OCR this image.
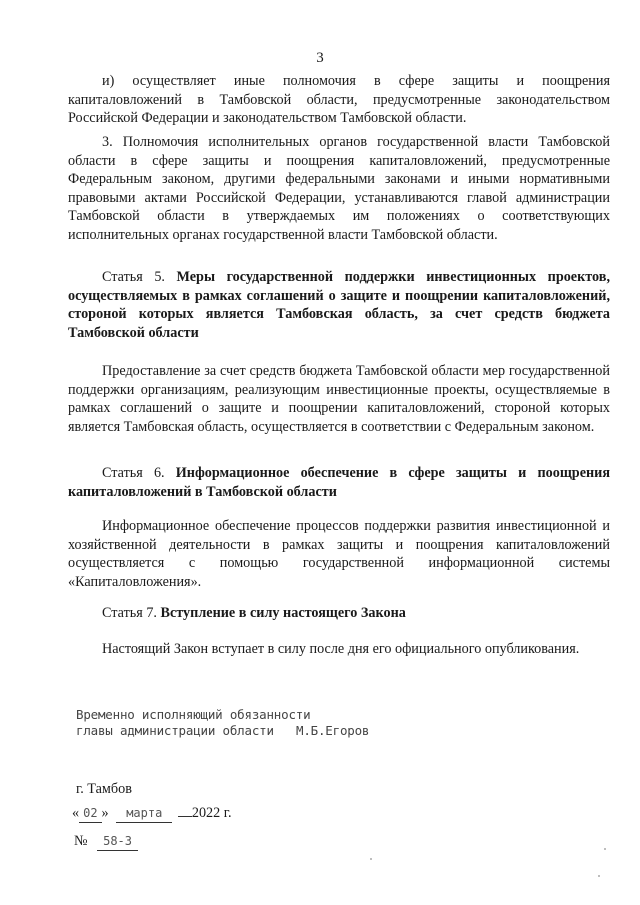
3

и) осуществляет иные полномочия в сфере защиты и поощрения капиталовложений в Тамбовской области, предусмотренные законодательством Российской Федерации и законодательством Тамбовской области.

3. Полномочия исполнительных органов государственной власти Тамбовской области в сфере защиты и поощрения капиталовложений, предусмотренные Федеральным законом, другими федеральными законами и иными нормативными правовыми актами Российской Федерации, устанавливаются главой администрации Тамбовской области в утверждаемых им положениях о соответствующих исполнительных органах государственной власти Тамбовской области.

Статья 5. Меры государственной поддержки инвестиционных проектов, осуществляемых в рамках соглашений о защите и поощрении капиталовложений, стороной которых является Тамбовская область, за счет средств бюджета Тамбовской области

Предоставление за счет средств бюджета Тамбовской области мер государственной поддержки организациям, реализующим инвестиционные проекты, осуществляемые в рамках соглашений о защите и поощрении капиталовложений, стороной которых является Тамбовская область, осуществляется в соответствии с Федеральным законом.

Статья 6. Информационное обеспечение в сфере защиты и поощрения капиталовложений в Тамбовской области

Информационное обеспечение процессов поддержки развития инвестиционной и хозяйственной деятельности в рамках защиты и поощрения капиталовложений осуществляется с помощью государственной информационной системы «Капиталовложения».

Статья 7. Вступление в силу настоящего Закона

Настоящий Закон вступает в силу после дня его официального опубликования.

Временно исполняющий обязанности
главы администрации области М.Б.Егоров
г. Тамбов
« 02 » марта 2022 г.
№ 58-З
